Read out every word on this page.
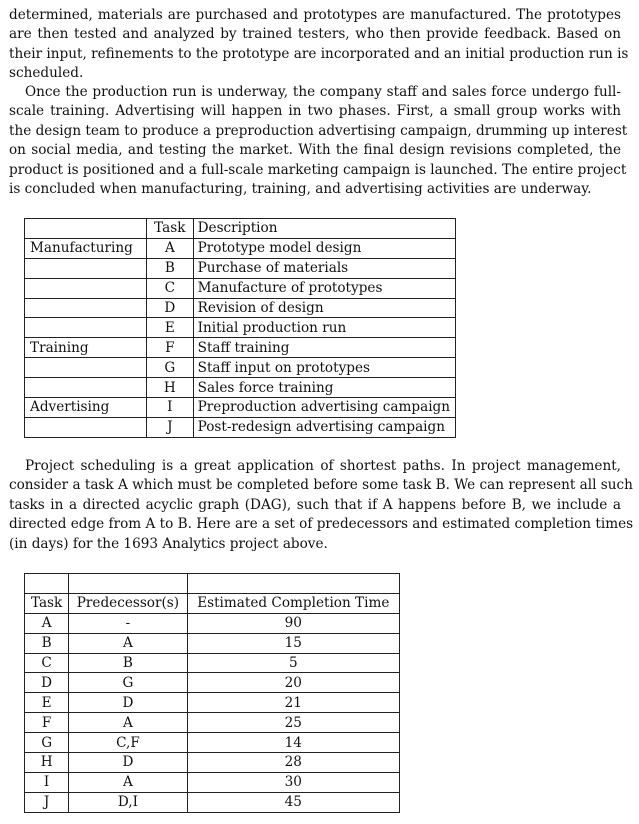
determined, materials are purchased and prototypes are manufactured. The prototypes
are then tested and analyzed by trained testers, who then provide feedback. Based on
their input, refinements to the prototype are incorporated and an initial production run is
scheduled.

Once the production run is underway, the company staff and sales force undergo full-
scale training. Advertising will happen in two phases. First, a small group works with
the design team to produce a preproduction advertising campaign, drumming up interest
on social media, and testing the market. With the final design revisions completed, the
product is positioned and a full-scale marketing campaign is launched. The entire project
is concluded when manufacturing, training, and advertising activities are underway.

	Task	Description
Manufacturing	A	Prototype model design
	B	Purchase of materials
	C	Manufacture of prototypes
	D	Revision of design
	E	Initial production run
Training	F	Staff training
	G	Staff input on prototypes
	H	Sales force training
Advertising	I	Preproduction advertising campaign
	J	Post-redesign advertising campaign

Project scheduling is a great application of shortest paths. In project management,
consider a task A which must be completed before some task B. We can represent all such
tasks in a directed acyclic graph (DAG), such that if A happens before B, we include a
directed edge from A to B. Here are a set of predecessors and estimated completion times
(in days) for the 1693 Analytics project above.

Task	Predecessor(s)	Estimated Completion Time
A	-	90
B	A	15
C	B	5
D	G	20
E	D	21
F	A	25
G	C,F	14
H	D	28
I	A	30
J	D,I	45
